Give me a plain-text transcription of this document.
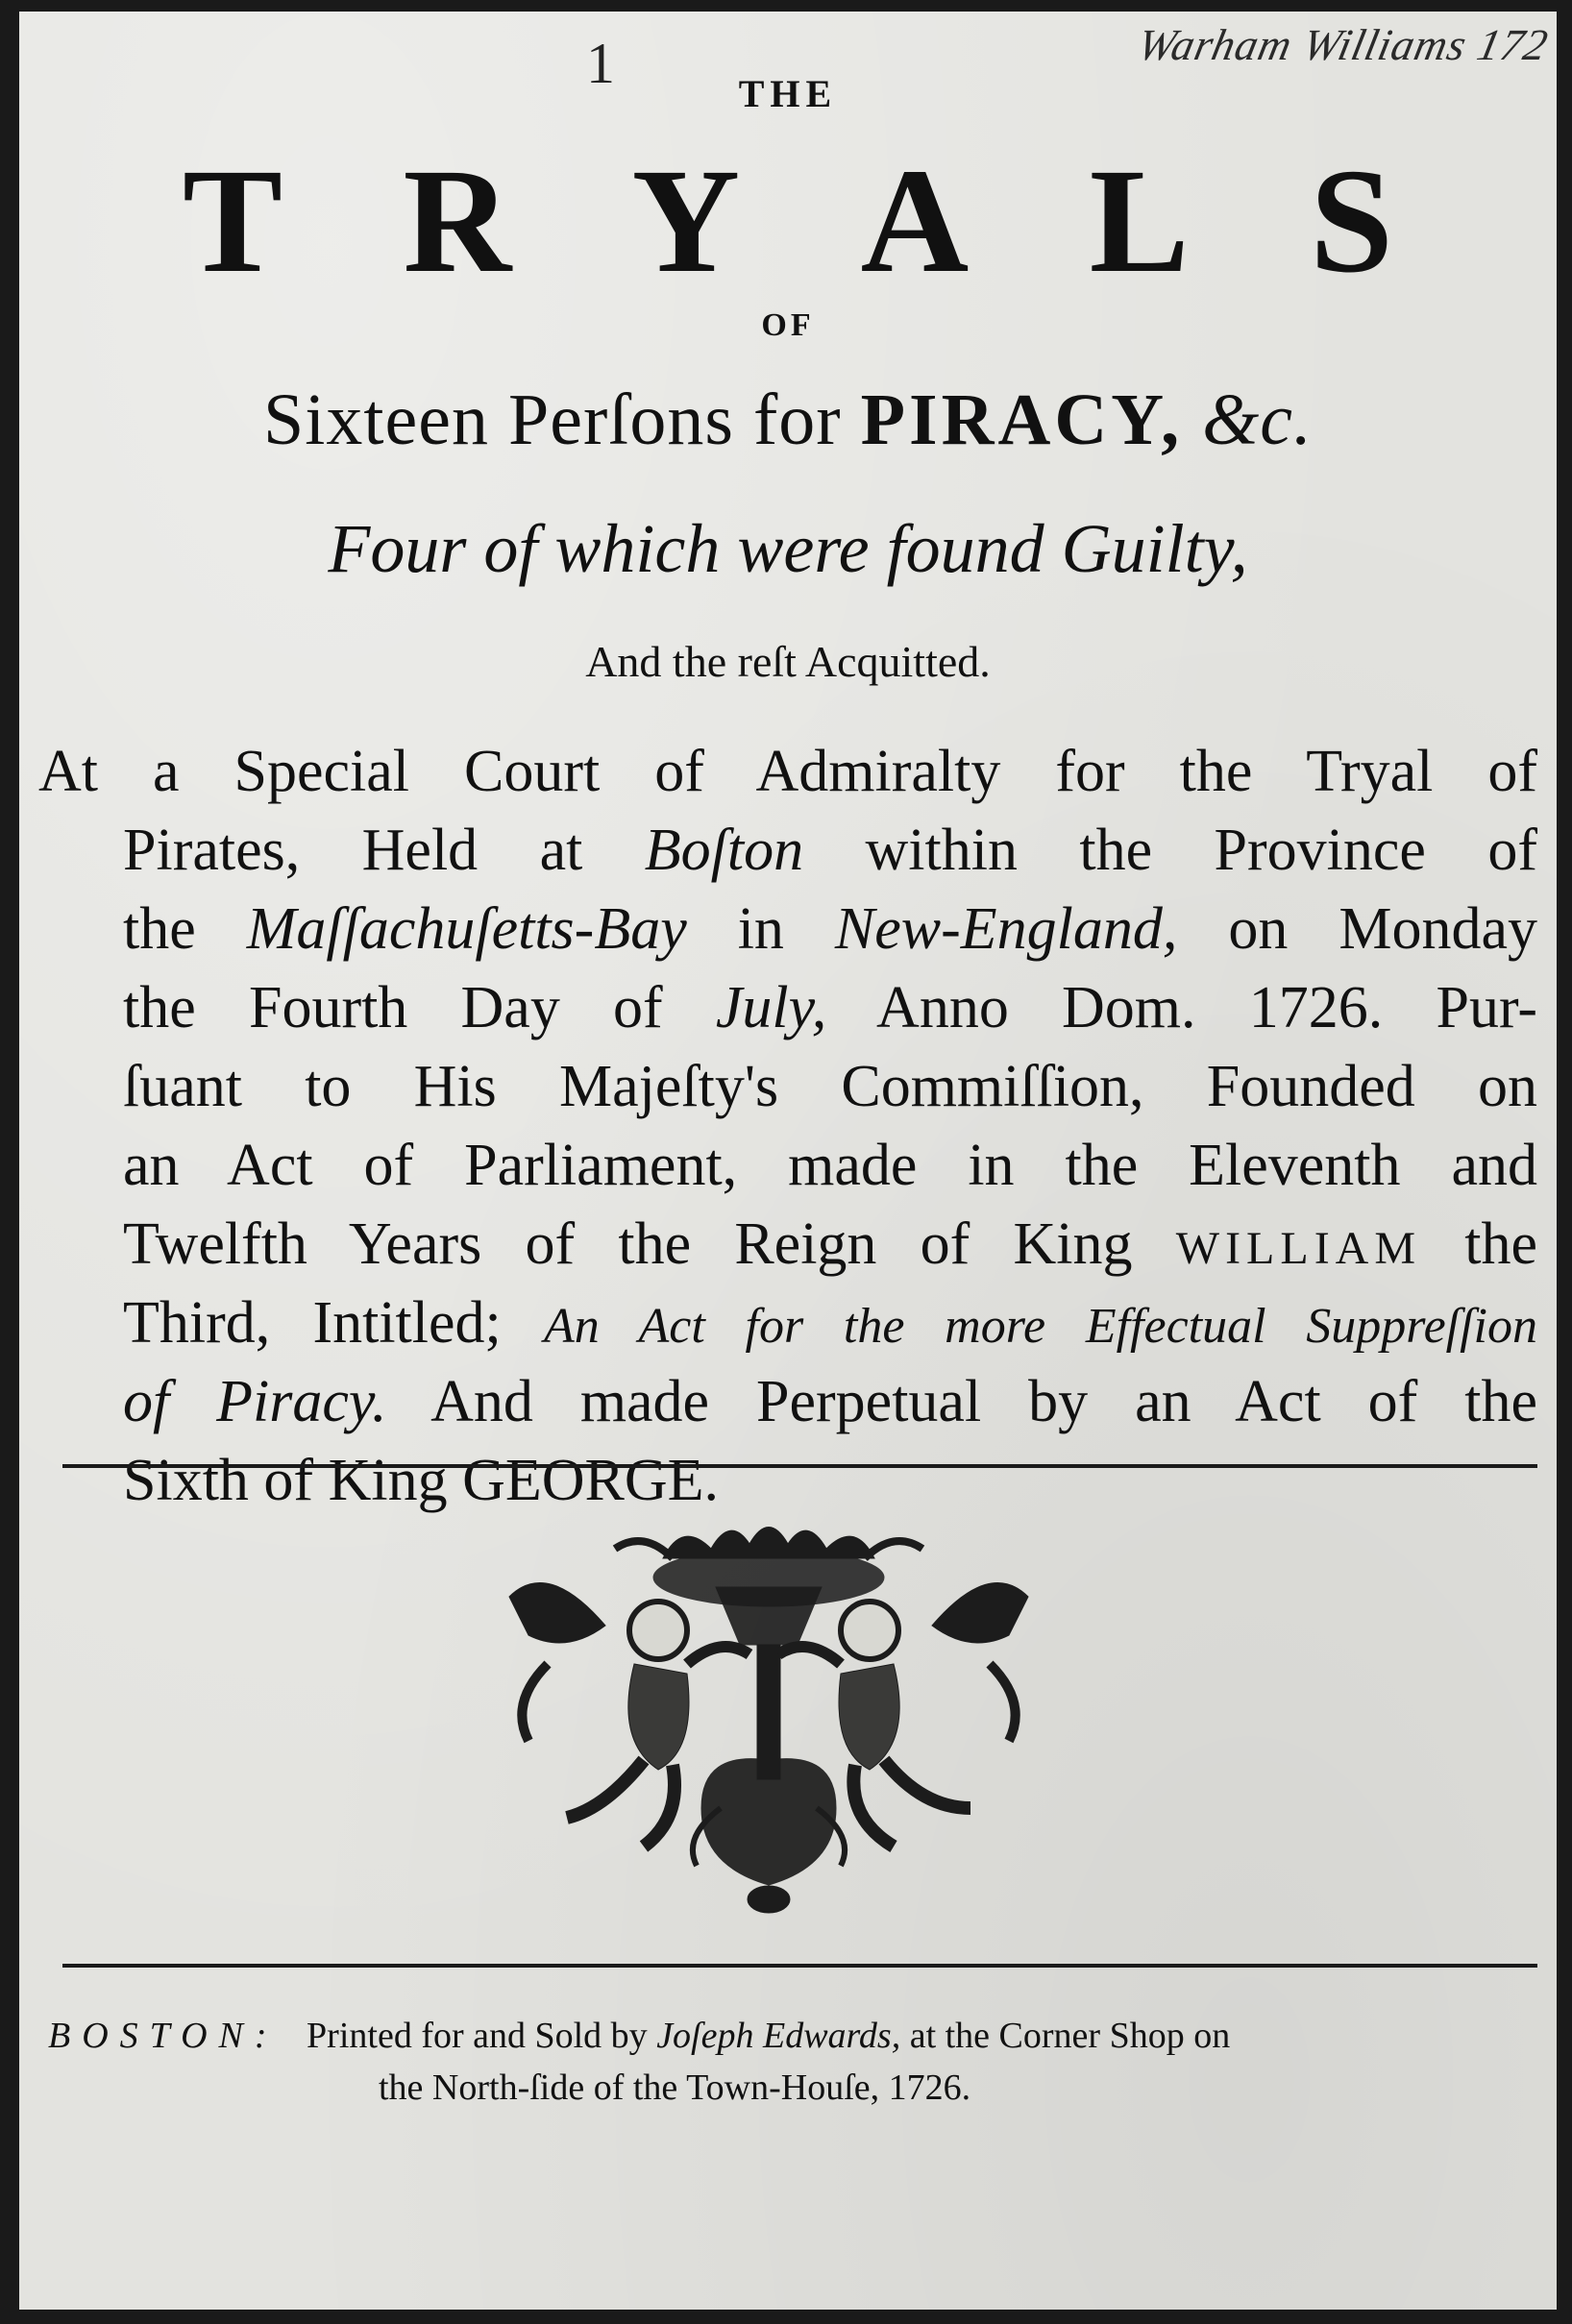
Warham Williams 172
1	THE
T R Y A L S
OF
Sixteen Perſons for PIRACY, &c.
Four of which were found Guilty,
And the reſt Acquitted.
At a Special Court of Admiralty for the Tryal of
Pirates, Held at Boſton within the Province of
the Maſſachuſetts-Bay in New-England, on Monday
the Fourth Day of July, Anno Dom. 1726. Pur-
ſuant to His Majeſty's Commiſſion, Founded on
an Act of Parliament, made in the Eleventh and
Twelfth Years of the Reign of King WILLIAM the
Third, Intitled; An Act for the more Effectual Suppreſſion
of Piracy. And made Perpetual by an Act of the
Sixth of King GEORGE.
BOSTON: Printed for and Sold by Joſeph Edwards, at the Corner Shop on
the North-ſide of the Town-Houſe, 1726.
